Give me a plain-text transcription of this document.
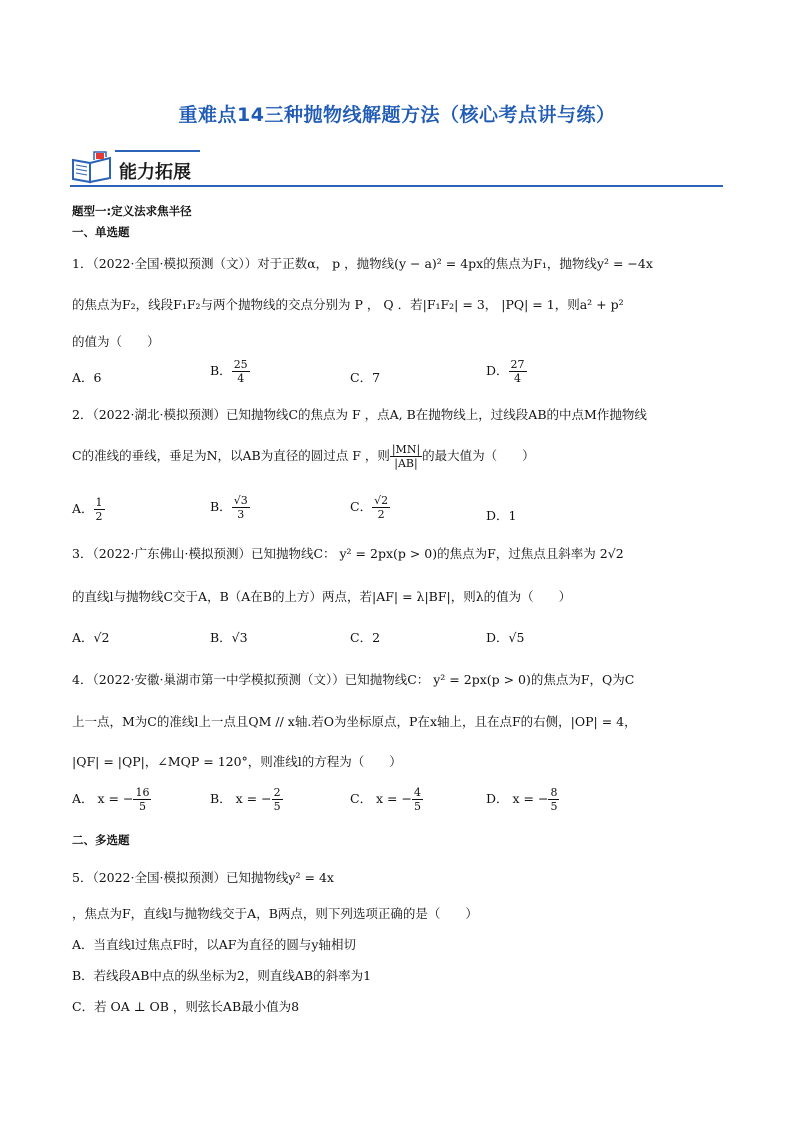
重难点14三种抛物线解题方法（核心考点讲与练）
能力拓展
题型一:定义法求焦半径
一、单选题
1．（2022·全国·模拟预测（文））对于正数α， p ，抛物线(y − a)² = 4px的焦点为F₁，抛物线y² = −4x
的焦点为F₂，线段F₁F₂与两个抛物线的交点分别为 P ， Q ．若|F₁F₂| = 3， |PQ| = 1，则a² + p²
的值为（　　）
A．6	B． $\frac{25}{4}$	C．7	D． $\frac{27}{4}$
2．（2022·湖北·模拟预测）已知抛物线C的焦点为 F ，点A, B在抛物线上，过线段AB的中点M作抛物线
C的准线的垂线，垂足为N，以AB为直径的圆过点 F ，则 $\frac{|MN|}{|AB|}$ 的最大值为（　　）
A． $\frac{1}{2}$	B． $\frac{√3}{3}$	C． $\frac{√2}{2}$	D．1
3．（2022·广东佛山·模拟预测）已知抛物线C： y² = 2px(p > 0)的焦点为F，过焦点且斜率为 2√2
的直线l与抛物线C交于A，B（A在B的上方）两点，若|AF| = λ|BF|，则λ的值为（　　）
A．√2	B．√3	C．2	D．√5
4．（2022·安徽·巢湖市第一中学模拟预测（文））已知抛物线C： y² = 2px(p > 0)的焦点为F，Q为C
上一点，M为C的准线l上一点且QM // x轴.若O为坐标原点，P在x轴上，且在点F的右侧，|OP| = 4，
|QF| = |QP|，∠MQP = 120°，则准线l的方程为（　　）
A． x = − $\frac{16}{5}$	B． x = − $\frac{2}{5}$	C． x = − $\frac{4}{5}$	D． x = − $\frac{8}{5}$
二、多选题
5．（2022·全国·模拟预测）已知抛物线y² = 4x
，焦点为F，直线l与抛物线交于A，B两点，则下列选项正确的是（　　）
A．当直线l过焦点F时，以AF为直径的圆与y轴相切
B．若线段AB中点的纵坐标为2，则直线AB的斜率为1
C．若 OA ⊥ OB ，则弦长AB最小值为8
